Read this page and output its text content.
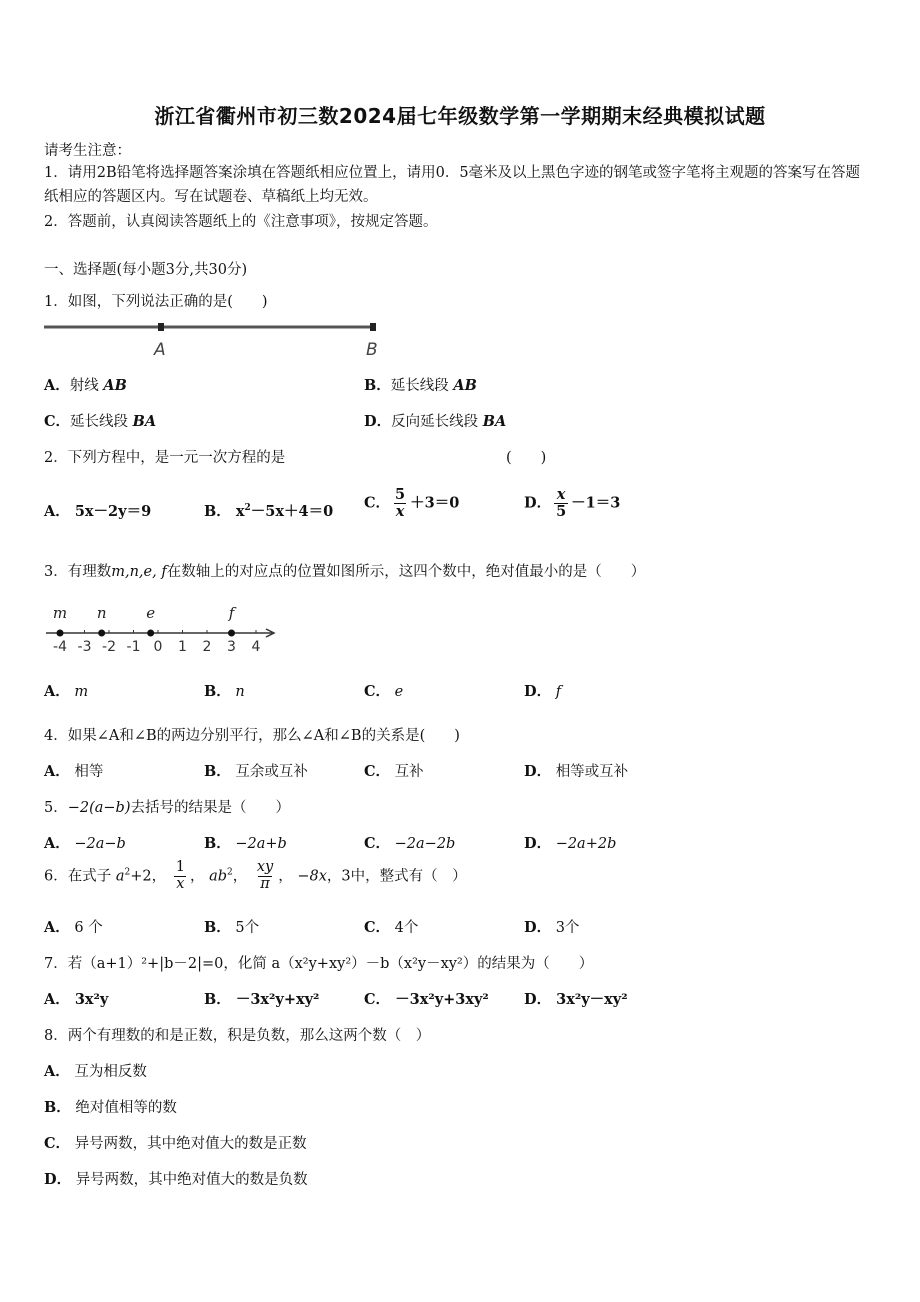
浙江省衢州市初三数2024届七年级数学第一学期期末经典模拟试题
请考生注意：
1．请用2B铅笔将选择题答案涂填在答题纸相应位置上，请用0．5毫米及以上黑色字迹的钢笔或签字笔将主观题的答案写在答题纸相应的答题区内。写在试题卷、草稿纸上均无效。
2．答题前，认真阅读答题纸上的《注意事项》，按规定答题。
一、选择题(每小题3分,共30分)
1．如图，下列说法正确的是(　　)
A	B
A．射线 AB	B．延长线段 AB
C．延长线段 BA	D．反向延长线段 BA
2．下列方程中，是一元一次方程的是	(　　)
A． 5x－2y＝9	B． $x^2-5x+4=0$
C． $\frac{5}{x} +3=0$	D． $\frac{x}{5} -1=3$
3．有理数m,n,e, f在数轴上的对应点的位置如图所示，这四个数中，绝对值最小的是（　　）
-4 -3 -2 -1 0 1 2 3 4
m n	e	f
A． m	B． n	C． e	D． f
4．如果∠A和∠B的两边分别平行，那么∠A和∠B的关系是(　　)
A． 相等	B． 互余或互补	C． 互补	D． 相等或互补
5．−2(a−b)去括号的结果是（　　）
A． −2a−b	B． −2a+b	C． −2a−2b	D． −2a+2b
6．在式子 $a^2+2$， $\frac{1}{x}$ ， $ab^2$， $\frac{xy}{\pi}$ ， −8x，3中，整式有（　）
A． 6 个	B． 5个	C． 4个	D． 3个
7．若（a+1）²+|b－2|=0，化简 a（x²y+xy²）－b（x²y－xy²）的结果为（　　）
A． 3x²y	B． －3x²y+xy²	C． －3x²y+3xy² D． 3x²y－xy²
8．两个有理数的和是正数，积是负数，那么这两个数（　）
A． 互为相反数
B． 绝对值相等的数
C． 异号两数，其中绝对值大的数是正数
D． 异号两数，其中绝对值大的数是负数
